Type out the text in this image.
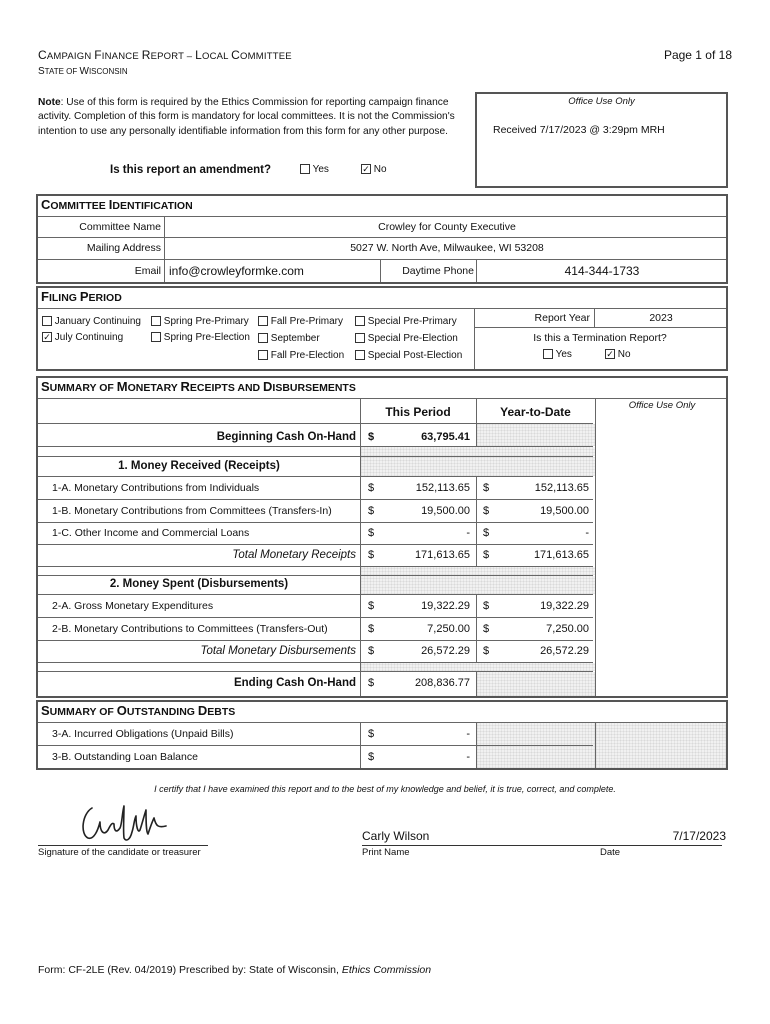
CAMPAIGN FINANCE REPORT – LOCAL COMMITTEE
STATE OF WISCONSIN
Page 1 of 18
Note: Use of this form is required by the Ethics Commission for reporting campaign finance activity. Completion of this form is mandatory for local committees. It is not the Commission's intention to use any personally identifiable information from this form for any other purpose.
Office Use Only
Received 7/17/2023 @ 3:29pm MRH
Is this report an amendment?	Yes	✓ No
COMMITTEE IDENTIFICATION
Committee Name	Crowley for County Executive
Mailing Address	5027 W. North Ave, Milwaukee, WI 53208
Email info@crowleyformke.com	Daytime Phone	414-344-1733
FILING PERIOD
January Continuing
✓ July Continuing
Spring Pre-Primary
Spring Pre-Election
Fall Pre-Primary
September
Fall Pre-Election
Special Pre-Primary
Special Pre-Election
Special Post-Election
Report Year	2023
Is this a Termination Report?
Yes	✓ No
SUMMARY OF MONETARY RECEIPTS AND DISBURSEMENTS
Office Use Only
This Period	Year-to-Date
Beginning Cash On-Hand $	63,795.41
1. Money Received (Receipts)
1-A. Monetary Contributions from Individuals	$	152,113.65 $	152,113.65
1-B. Monetary Contributions from Committees (Transfers-In)	$	19,500.00 $	19,500.00
1-C. Other Income and Commercial Loans	$	- $	-
Total Monetary Receipts $	171,613.65 $	171,613.65
2. Money Spent (Disbursements)
2-A. Gross Monetary Expenditures	$	19,322.29 $	19,322.29
2-B. Monetary Contributions to Committees (Transfers-Out)	$	7,250.00 $	7,250.00
Total Monetary Disbursements $	26,572.29 $	26,572.29
Ending Cash On-Hand $	208,836.77
SUMMARY OF OUTSTANDING DEBTS
3-A. Incurred Obligations (Unpaid Bills)	$	-
3-B. Outstanding Loan Balance	$	-
I certify that I have examined this report and to the best of my knowledge and belief, it is true, correct, and complete.
Signature of the candidate or treasurer
Carly Wilson
Print Name
7/17/2023
Date
Form: CF-2LE (Rev. 04/2019) Prescribed by: State of Wisconsin, Ethics Commission
